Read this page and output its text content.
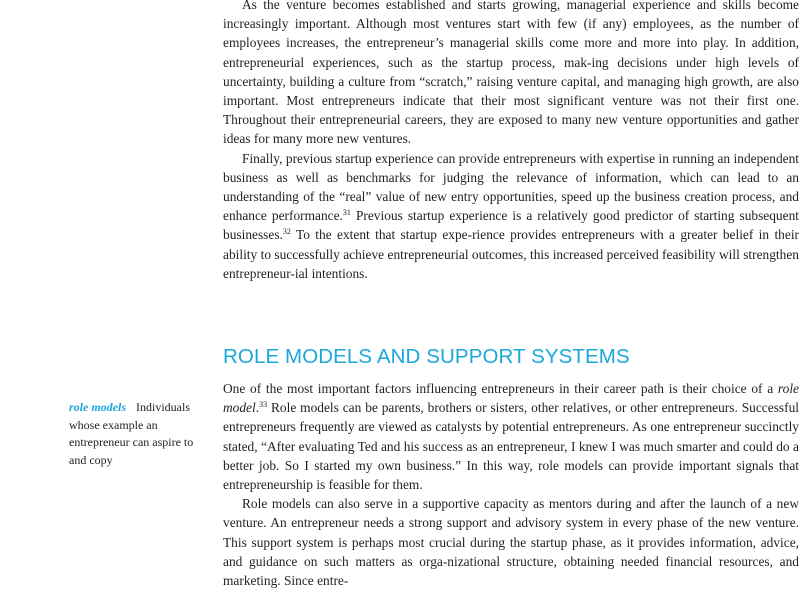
As the venture becomes established and starts growing, managerial experience and skills become increasingly important. Although most ventures start with few (if any) employees, as the number of employees increases, the entrepreneur’s managerial skills come more and more into play. In addition, entrepreneurial experiences, such as the startup process, mak-ing decisions under high levels of uncertainty, building a culture from “scratch,” raising venture capital, and managing high growth, are also important. Most entrepreneurs indicate that their most significant venture was not their first one. Throughout their entrepreneurial careers, they are exposed to many new venture opportunities and gather ideas for many more new ventures.

Finally, previous startup experience can provide entrepreneurs with expertise in running an independent business as well as benchmarks for judging the relevance of information, which can lead to an understanding of the “real” value of new entry opportunities, speed up the business creation process, and enhance performance.$^{31}$ Previous startup experience is a relatively good predictor of starting subsequent businesses.$^{32}$ To the extent that startup expe-rience provides entrepreneurs with a greater belief in their ability to successfully achieve entrepreneurial outcomes, this increased perceived feasibility will strengthen entrepreneur-ial intentions.

ROLE MODELS AND SUPPORT SYSTEMS
role models Individuals whose example an entrepreneur can aspire to and copy

One of the most important factors influencing entrepreneurs in their career path is their choice of a role model.$^{33}$ Role models can be parents, brothers or sisters, other relatives, or other entrepreneurs. Successful entrepreneurs frequently are viewed as catalysts by potential entrepreneurs. As one entrepreneur succinctly stated, “After evaluating Ted and his success as an entrepreneur, I knew I was much smarter and could do a better job. So I started my own business.” In this way, role models can provide important signals that entrepreneurship is feasible for them.

Role models can also serve in a supportive capacity as mentors during and after the launch of a new venture. An entrepreneur needs a strong support and advisory system in every phase of the new venture. This support system is perhaps most crucial during the startup phase, as it provides information, advice, and guidance on such matters as orga-nizational structure, obtaining needed financial resources, and marketing. Since entre-
